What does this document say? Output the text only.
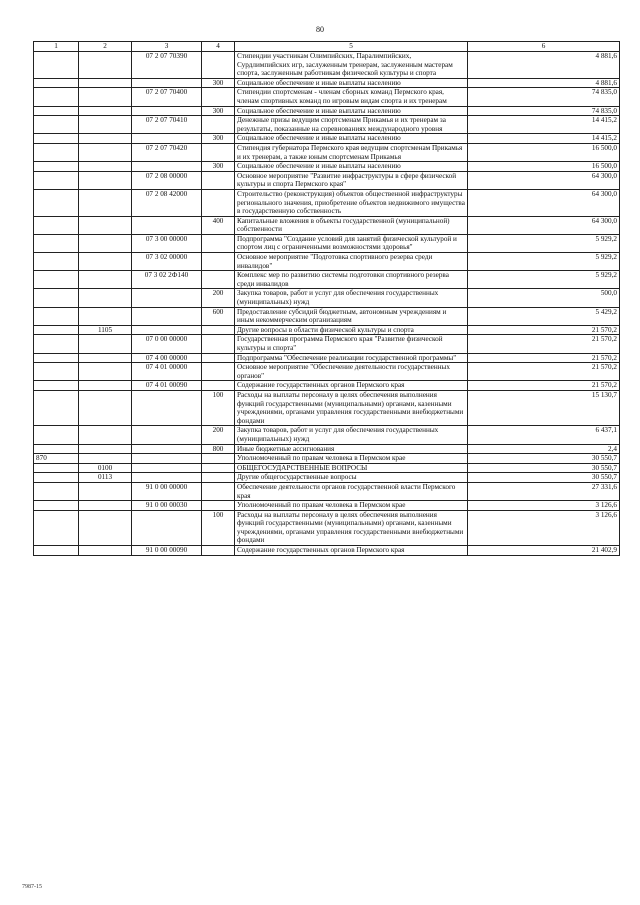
80
1	2	3	4	5	6
		07 2 07 70390		Стипендии участникам Олимпийских, Паралимпийских, Сурдлимпийских игр, заслуженным тренерам, заслуженным мастерам спорта, заслуженным работникам физической культуры и спорта	4 881,6
			300	Социальное обеспечение и иные выплаты населению	4 881,6
		07 2 07 70400		Стипендии спортсменам - членам сборных команд Пермского края, членам спортивных команд по игровым видам спорта и их тренерам	74 835,0
			300	Социальное обеспечение и иные выплаты населению	74 835,0
		07 2 07 70410		Денежные призы ведущим спортсменам Прикамья и их тренерам за результаты, показанные на соревнованиях международного уровня	14 415,2
			300	Социальное обеспечение и иные выплаты населению	14 415,2
		07 2 07 70420		Стипендия губернатора Пермского края ведущим спортсменам Прикамья и их тренерам, а также юным спортсменам Прикамья	16 500,0
			300	Социальное обеспечение и иные выплаты населению	16 500,0
		07 2 08 00000		Основное мероприятие "Развитие инфраструктуры в сфере физической культуры и спорта Пермского края"	64 300,0
		07 2 08 42000		Строительство (реконструкция) объектов общественной инфраструктуры регионального значения, приобретение объектов недвижимого имущества в государственную собственность	64 300,0
			400	Капитальные вложения в объекты государственной (муниципальной) собственности	64 300,0
		07 3 00 00000		Подпрограмма "Создание условий для занятий физической культурой и спортом лиц с ограниченными возможностями здоровья"	5 929,2
		07 3 02 00000		Основное мероприятие "Подготовка спортивного резерва среди инвалидов"	5 929,2
		07 3 02 2Ф140		Комплекс мер по развитию системы подготовки спортивного резерва среди инвалидов	5 929,2
			200	Закупка товаров, работ и услуг для обеспечения государственных (муниципальных) нужд	500,0
			600	Предоставление субсидий бюджетным, автономным учреждениям и иным некоммерческим организациям	5 429,2
	1105			Другие вопросы в области физической культуры и спорта	21 570,2
		07 0 00 00000		Государственная программа Пермского края "Развитие физической культуры и спорта"	21 570,2
		07 4 00 00000		Подпрограмма "Обеспечение реализации государственной программы"	21 570,2
		07 4 01 00000		Основное мероприятие "Обеспечение деятельности государственных органов"	21 570,2
		07 4 01 00090		Содержание государственных органов Пермского края	21 570,2
			100	Расходы на выплаты персоналу в целях обеспечения выполнения функций государственными (муниципальными) органами, казенными учреждениями, органами управления государственными внебюджетными фондами	15 130,7
			200	Закупка товаров, работ и услуг для обеспечения государственных (муниципальных) нужд	6 437,1
			800	Иные бюджетные ассигнования	2,4
870				Уполномоченный по правам человека в Пермском крае	30 550,7
	0100			ОБЩЕГОСУДАРСТВЕННЫЕ ВОПРОСЫ	30 550,7
	0113			Другие общегосударственные вопросы	30 550,7
		91 0 00 00000		Обеспечение деятельности органов государственной власти Пермского края	27 331,6
		91 0 00 00030		Уполномоченный по правам человека в Пермском крае	3 126,6
			100	Расходы на выплаты персоналу в целях обеспечения выполнения функций государственными (муниципальными) органами, казенными учреждениями, органами управления государственными внебюджетными фондами	3 126,6
		91 0 00 00090		Содержание государственных органов Пермского края	21 402,9
7987-15
